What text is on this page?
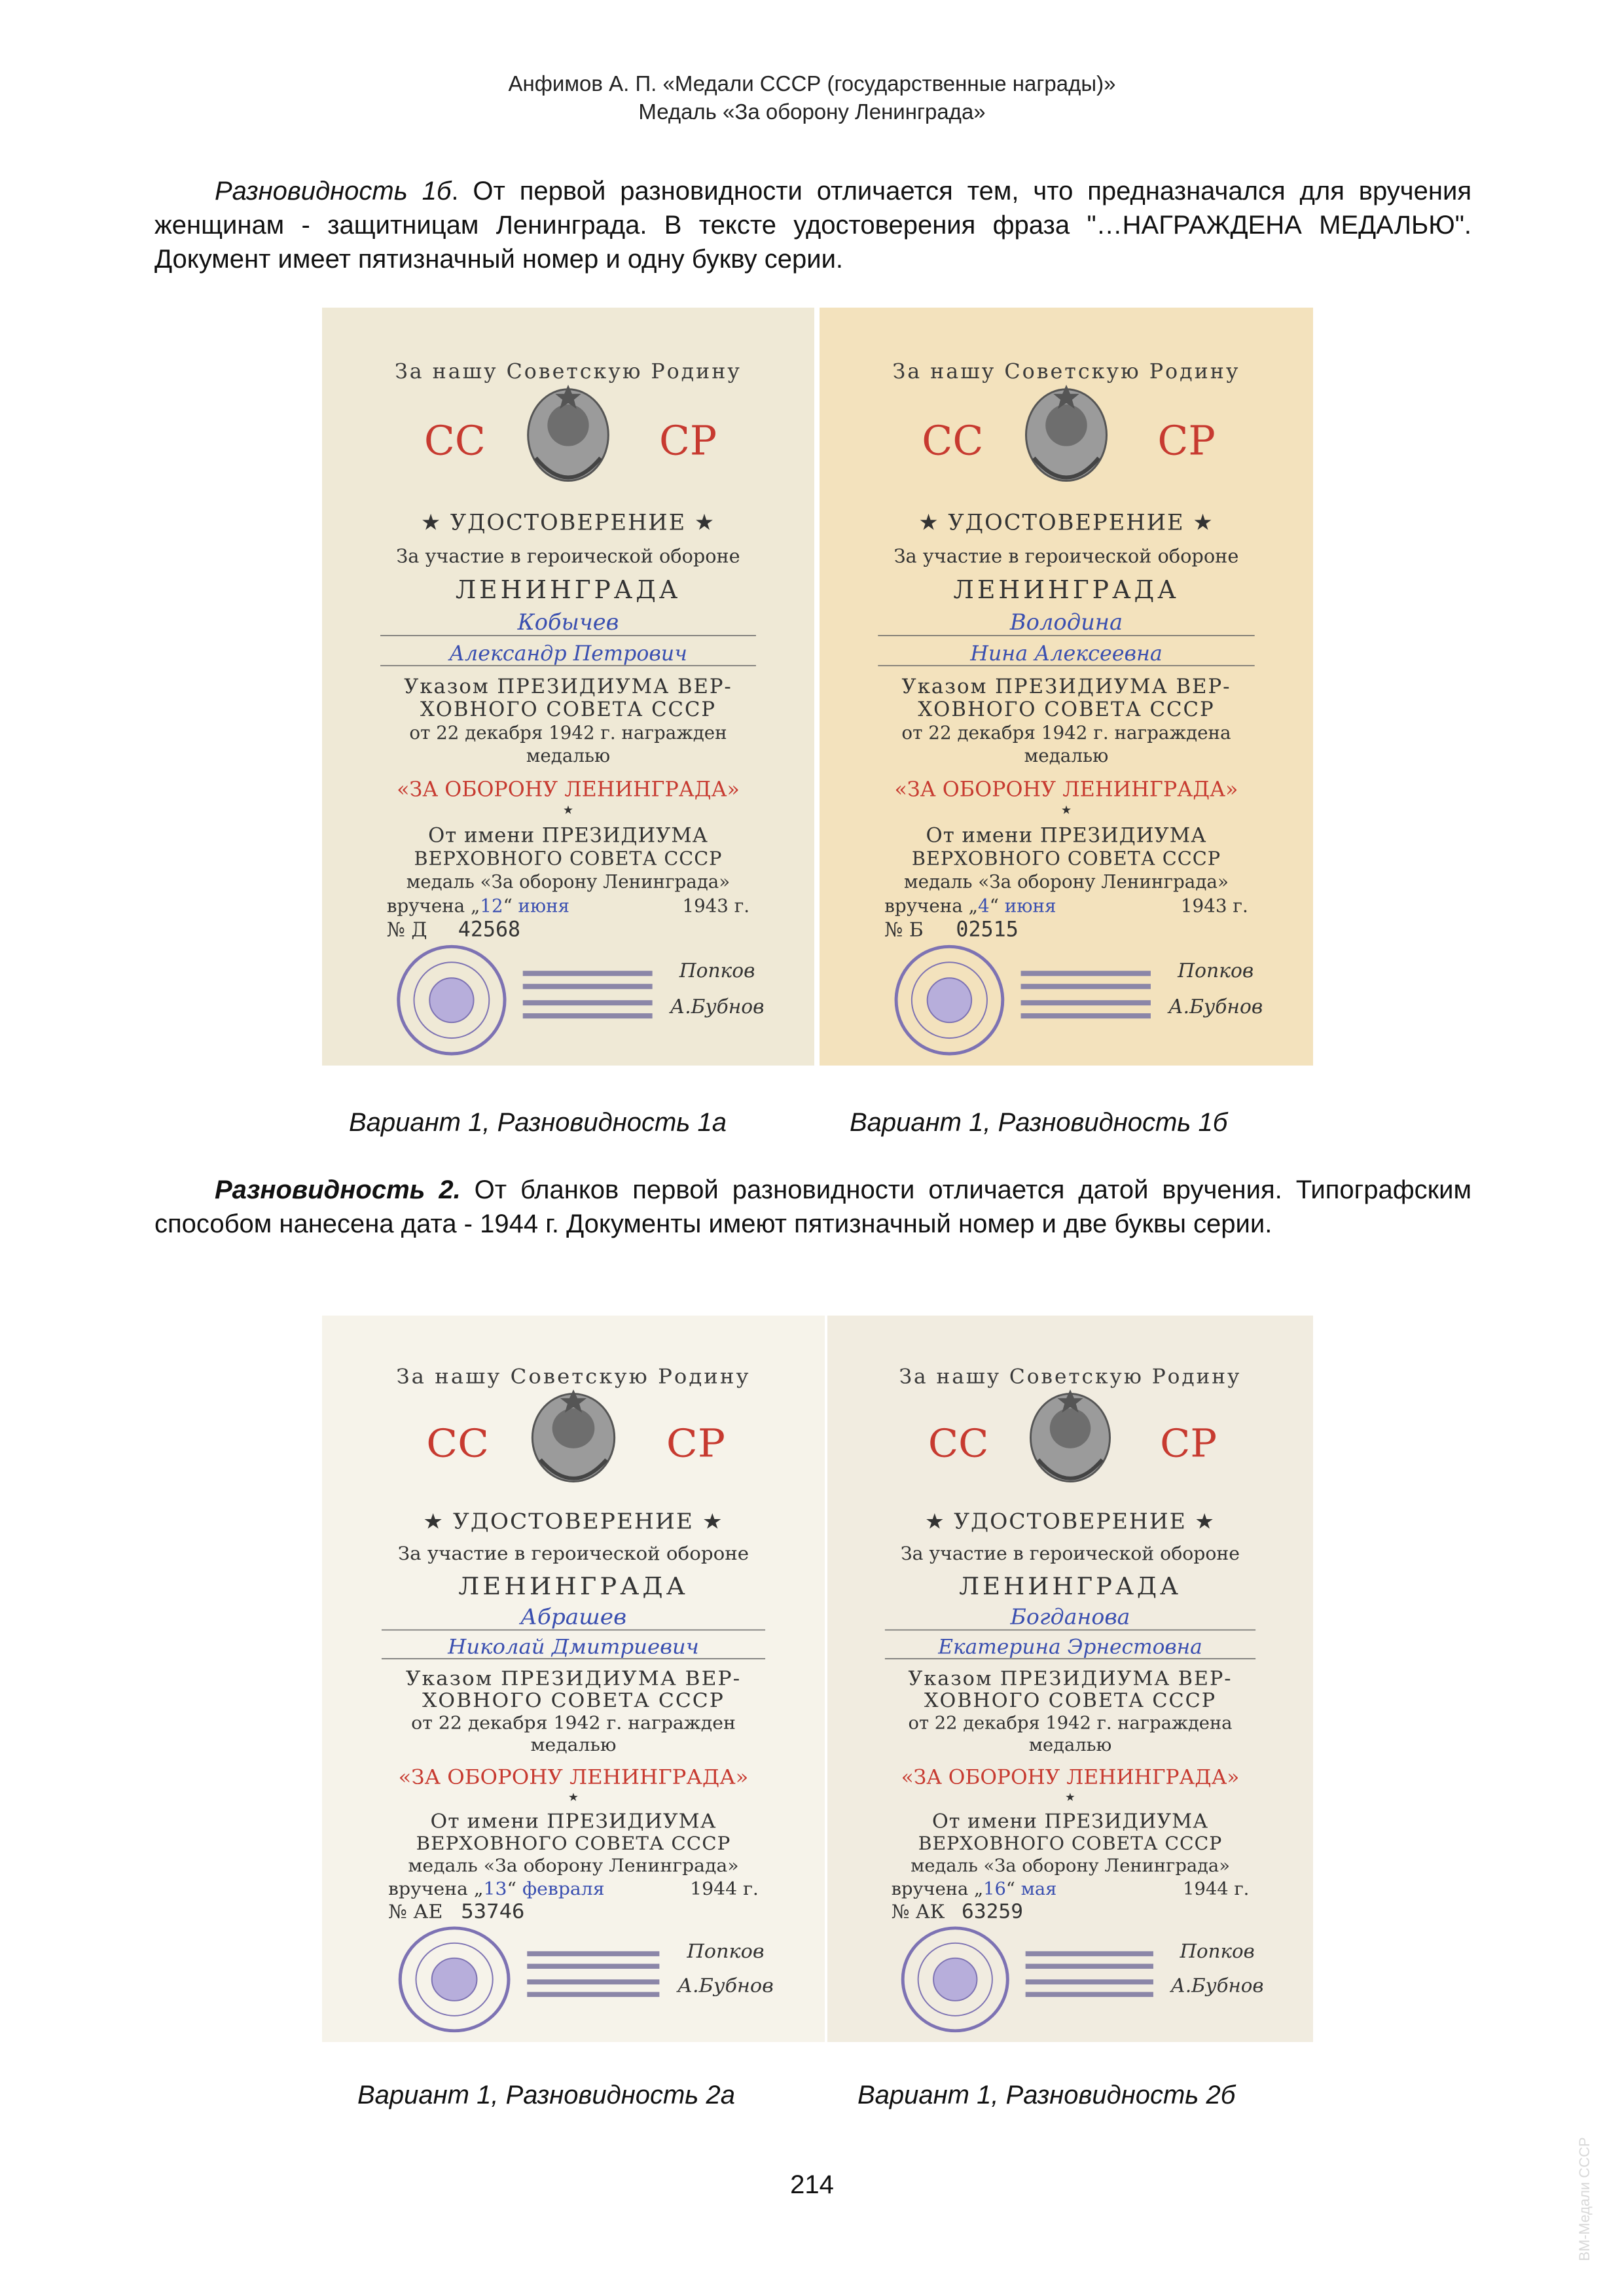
Анфимов А. П. «Медали СССР (государственные награды)»
Медаль «За оборону Ленинграда»
Разновидность 1б. От первой разновидности отличается тем, что предназначался для вручения женщинам - защитницам Ленинграда. В тексте удостоверения фраза "…НАГРАЖДЕНА МЕДАЛЬЮ". Документ имеет пятизначный номер и одну букву серии.
За нашу Советскую Родину
СС	СР
★ УДОСТОВЕРЕНИЕ ★
За участие в героической обороне
ЛЕНИНГРАДА
Кобычев
Александр Петрович
Указом ПРЕЗИДИУМА ВЕР-
ХОВНОГО СОВЕТА СССР
от 22 декабря 1942 г. награжден
медалью
«ЗА ОБОРОНУ ЛЕНИНГРАДА»
★
От имени ПРЕЗИДИУМА
ВЕРХОВНОГО СОВЕТА СССР
медаль «За оборону Ленинграда»
вручена „12“ июня	1943 г.
№ Д 42568
Попков
А.Бубнов
За нашу Советскую Родину
СС	СР
★ УДОСТОВЕРЕНИЕ ★
За участие в героической обороне
ЛЕНИНГРАДА
Володина
Нина Алексеевна
Указом ПРЕЗИДИУМА ВЕР-
ХОВНОГО СОВЕТА СССР
от 22 декабря 1942 г. награждена
медалью
«ЗА ОБОРОНУ ЛЕНИНГРАДА»
★
От имени ПРЕЗИДИУМА
ВЕРХОВНОГО СОВЕТА СССР
медаль «За оборону Ленинграда»
вручена „4“ июня	1943 г.
№ Б 02515
Попков
А.Бубнов
Вариант 1, Разновидность 1а	Вариант 1, Разновидность 1б
Разновидность 2. От бланков первой разновидности отличается датой вручения. Типографским способом нанесена дата - 1944 г. Документы имеют пятизначный номер и две буквы серии.
За нашу Советскую Родину
СС	СР
★ УДОСТОВЕРЕНИЕ ★
За участие в героической обороне
ЛЕНИНГРАДА
Абрашев
Николай Дмитриевич
Указом ПРЕЗИДИУМА ВЕР-
ХОВНОГО СОВЕТА СССР
от 22 декабря 1942 г. награжден
медалью
«ЗА ОБОРОНУ ЛЕНИНГРАДА»
★
От имени ПРЕЗИДИУМА
ВЕРХОВНОГО СОВЕТА СССР
медаль «За оборону Ленинграда»
вручена „13“ февраля	1944 г.
№ АЕ 53746
Попков
А.Бубнов
За нашу Советскую Родину
СС	СР
★ УДОСТОВЕРЕНИЕ ★
За участие в героической обороне
ЛЕНИНГРАДА
Богданова
Екатерина Эрнестовна
Указом ПРЕЗИДИУМА ВЕР-
ХОВНОГО СОВЕТА СССР
от 22 декабря 1942 г. награждена
медалью
«ЗА ОБОРОНУ ЛЕНИНГРАДА»
★
От имени ПРЕЗИДИУМА
ВЕРХОВНОГО СОВЕТА СССР
медаль «За оборону Ленинграда»
вручена „16“ мая	1944 г.
№ АК 63259
Попков
А.Бубнов
Вариант 1, Разновидность 2а	Вариант 1, Разновидность 2б
214	ВМ-Медали СССР
